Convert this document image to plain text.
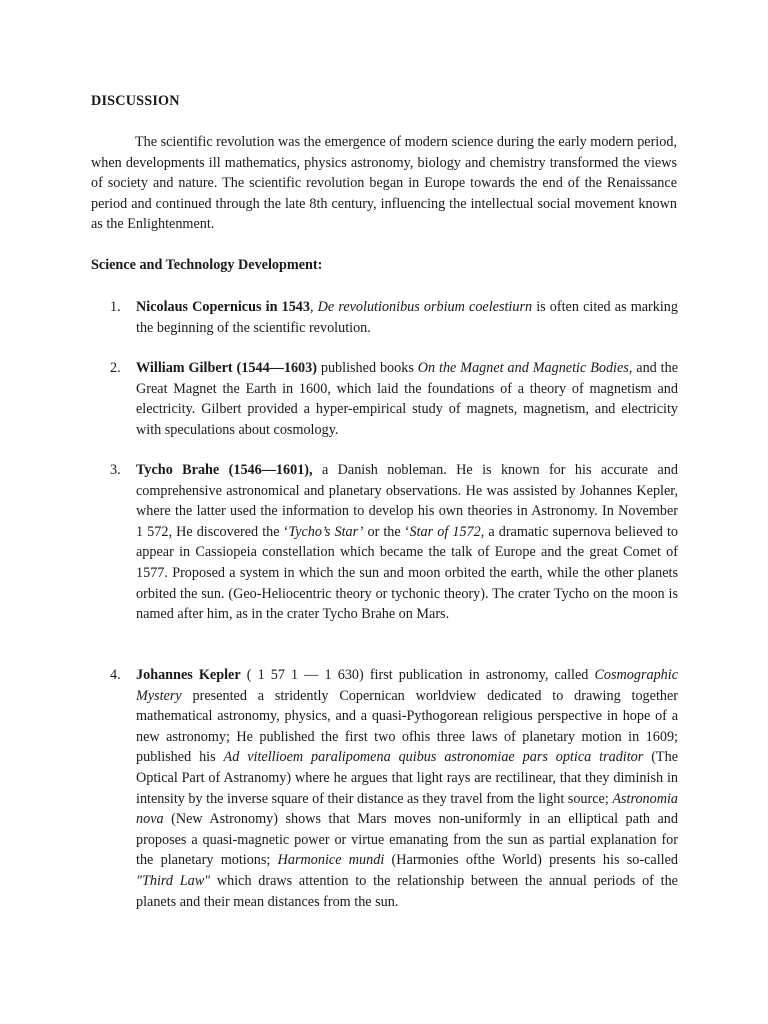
DISCUSSION

The scientific revolution was the emergence of modern science during the early modern period, when developments ill mathematics, physics astronomy, biology and chemistry transformed the views of society and nature. The scientific revolution began in Europe towards the end of the Renaissance period and continued through the late 8th century, influencing the intellectual social movement known as the Enlightenment.

Science and Technology Development:
1.	Nicolaus Copernicus in 1543, De revolutionibus orbium coelestiurn is often cited as marking the beginning of the scientific revolution.
2.	William Gilbert (1544—1603) published books On the Magnet and Magnetic Bodies, and the Great Magnet the Earth in 1600, which laid the foundations of a theory of magnetism and electricity. Gilbert provided a hyper-empirical study of magnets, magnetism, and electricity with speculations about cosmology.
3.	Tycho Brahe (1546—1601), a Danish nobleman. He is known for his accurate and comprehensive astronomical and planetary observations. He was assisted by Johannes Kepler, where the latter used the information to develop his own theories in Astronomy. In November 1 572, He discovered the ‘Tycho’s Star’ or the ‘Star of 1572, a dramatic supernova believed to appear in Cassiopeia constellation which became the talk of Europe and the great Comet of 1577. Proposed a system in which the sun and moon orbited the earth, while the other planets orbited the sun. (Geo-Heliocentric theory or tychonic theory). The crater Tycho on the moon is named after him, as in the crater Tycho Brahe on Mars.
4.	Johannes Kepler ( 1 57 1 — 1 630) first publication in astronomy, called Cosmographic Mystery presented a stridently Copernican worldview dedicated to drawing together mathematical astronomy, physics, and a quasi-Pythogorean religious perspective in hope of a new astronomy; He published the first two ofhis three laws of planetary motion in 1609; published his Ad vitellioem paralipomena quibus astronomiae pars optica traditor (The Optical Part of Astranomy) where he argues that light rays are rectilinear, that they diminish in intensity by the inverse square of their distance as they travel from the light source; Astronomia nova (New Astronomy) shows that Mars moves non-uniformly in an elliptical path and proposes a quasi-magnetic power or virtue emanating from the sun as partial explanation for the planetary motions; Harmonice mundi (Harmonies ofthe World) presents his so-called "Third Law" which draws attention to the relationship between the annual periods of the planets and their mean distances from the sun.
